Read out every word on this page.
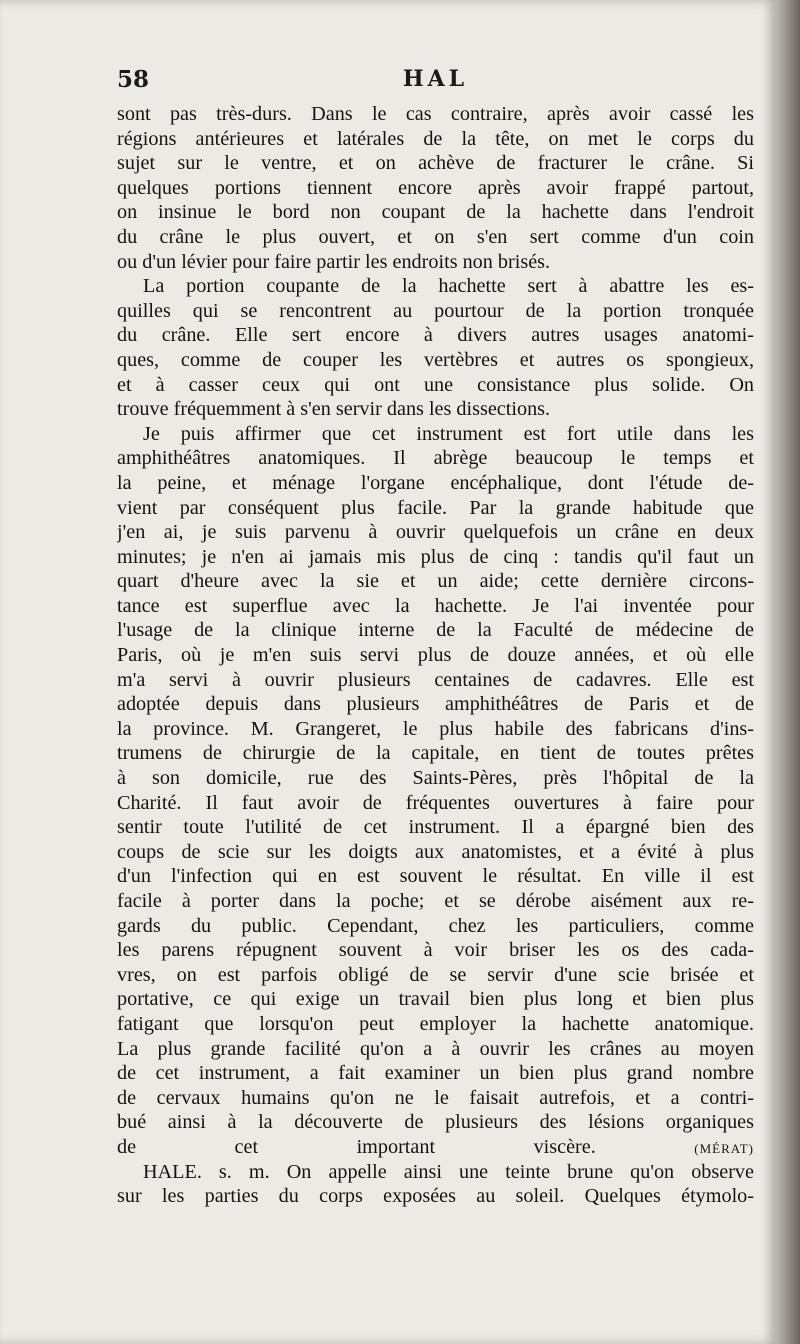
58	HAL
sont pas très-durs. Dans le cas contraire, après avoir cassé les
régions antérieures et latérales de la tête, on met le corps du
sujet sur le ventre, et on achève de fracturer le crâne. Si
quelques portions tiennent encore après avoir frappé partout,
on insinue le bord non coupant de la hachette dans l'endroit
du crâne le plus ouvert, et on s'en sert comme d'un coin
ou d'un lévier pour faire partir les endroits non brisés.
La portion coupante de la hachette sert à abattre les es-
quilles qui se rencontrent au pourtour de la portion tronquée
du crâne. Elle sert encore à divers autres usages anatomi-
ques, comme de couper les vertèbres et autres os spongieux,
et à casser ceux qui ont une consistance plus solide. On
trouve fréquemment à s'en servir dans les dissections.
Je puis affirmer que cet instrument est fort utile dans les
amphithéâtres anatomiques. Il abrège beaucoup le temps et
la peine, et ménage l'organe encéphalique, dont l'étude de-
vient par conséquent plus facile. Par la grande habitude que
j'en ai, je suis parvenu à ouvrir quelquefois un crâne en deux
minutes; je n'en ai jamais mis plus de cinq : tandis qu'il faut un
quart d'heure avec la sie et un aide; cette dernière circons-
tance est superflue avec la hachette. Je l'ai inventée pour
l'usage de la clinique interne de la Faculté de médecine de
Paris, où je m'en suis servi plus de douze années, et où elle
m'a servi à ouvrir plusieurs centaines de cadavres. Elle est
adoptée depuis dans plusieurs amphithéâtres de Paris et de
la province. M. Grangeret, le plus habile des fabricans d'ins-
trumens de chirurgie de la capitale, en tient de toutes prêtes
à son domicile, rue des Saints-Pères, près l'hôpital de la
Charité. Il faut avoir de fréquentes ouvertures à faire pour
sentir toute l'utilité de cet instrument. Il a épargné bien des
coups de scie sur les doigts aux anatomistes, et a évité à plus
d'un l'infection qui en est souvent le résultat. En ville il est
facile à porter dans la poche; et se dérobe aisément aux re-
gards du public. Cependant, chez les particuliers, comme
les parens répugnent souvent à voir briser les os des cada-
vres, on est parfois obligé de se servir d'une scie brisée et
portative, ce qui exige un travail bien plus long et bien plus
fatigant que lorsqu'on peut employer la hachette anatomique.
La plus grande facilité qu'on a à ouvrir les crânes au moyen
de cet instrument, a fait examiner un bien plus grand nombre
de cervaux humains qu'on ne le faisait autrefois, et a contri-
bué ainsi à la découverte de plusieurs des lésions organiques
de cet important viscère.	(MÉRAT)
HALE. s. m. On appelle ainsi une teinte brune qu'on observe
sur les parties du corps exposées au soleil. Quelques étymolo-
